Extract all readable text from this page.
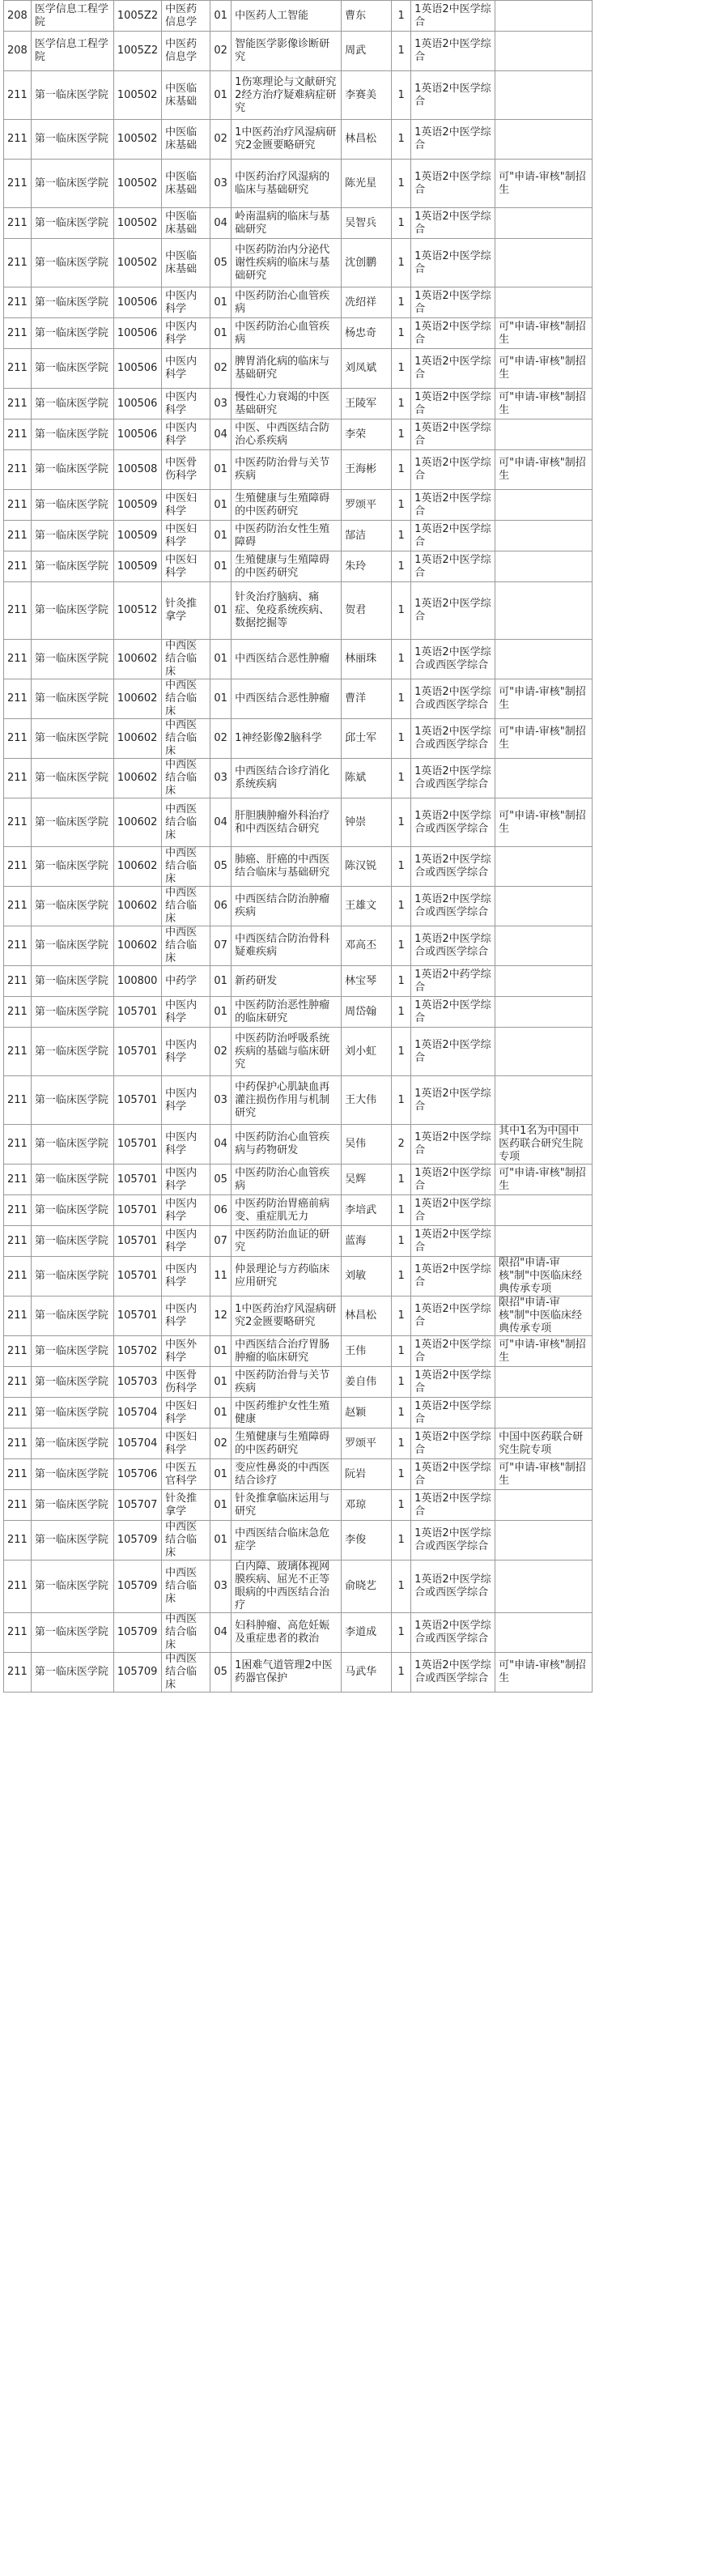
208	医学信息工程学院	1005Z2	中医药信息学	01	中医药人工智能	曹东	1	1英语2中医学综合	
208	医学信息工程学院	1005Z2	中医药信息学	02	智能医学影像诊断研究	周武	1	1英语2中医学综合	
211	第一临床医学院	100502	中医临床基础	01	1伤寒理论与文献研究2经方治疗疑难病症研究	李赛美	1	1英语2中医学综合	
211	第一临床医学院	100502	中医临床基础	02	1中医药治疗风湿病研究2金匮要略研究	林昌松	1	1英语2中医学综合	
211	第一临床医学院	100502	中医临床基础	03	中医药治疗风湿病的临床与基础研究	陈光星	1	1英语2中医学综合	可"申请-审核"制招生
211	第一临床医学院	100502	中医临床基础	04	岭南温病的临床与基础研究	吴智兵	1	1英语2中医学综合	
211	第一临床医学院	100502	中医临床基础	05	中医药防治内分泌代谢性疾病的临床与基础研究	沈创鹏	1	1英语2中医学综合	
211	第一临床医学院	100506	中医内科学	01	中医药防治心血管疾病	冼绍祥	1	1英语2中医学综合	
211	第一临床医学院	100506	中医内科学	01	中医药防治心血管疾病	杨忠奇	1	1英语2中医学综合	可"申请-审核"制招生
211	第一临床医学院	100506	中医内科学	02	脾胃消化病的临床与基础研究	刘凤斌	1	1英语2中医学综合	可"申请-审核"制招生
211	第一临床医学院	100506	中医内科学	03	慢性心力衰竭的中医基础研究	王陵军	1	1英语2中医学综合	可"申请-审核"制招生
211	第一临床医学院	100506	中医内科学	04	中医、中西医结合防治心系疾病	李荣	1	1英语2中医学综合	
211	第一临床医学院	100508	中医骨伤科学	01	中医药防治骨与关节疾病	王海彬	1	1英语2中医学综合	可"申请-审核"制招生
211	第一临床医学院	100509	中医妇科学	01	生殖健康与生殖障碍的中医药研究	罗颂平	1	1英语2中医学综合	
211	第一临床医学院	100509	中医妇科学	01	中医药防治女性生殖障碍	郜洁	1	1英语2中医学综合	
211	第一临床医学院	100509	中医妇科学	01	生殖健康与生殖障碍的中医药研究	朱玲	1	1英语2中医学综合	
211	第一临床医学院	100512	针灸推拿学	01	针灸治疗脑病、痛症、免疫系统疾病、数据挖掘等	贺君	1	1英语2中医学综合	
211	第一临床医学院	100602	中西医结合临床	01	中西医结合恶性肿瘤	林丽珠	1	1英语2中医学综合或西医学综合	
211	第一临床医学院	100602	中西医结合临床	01	中西医结合恶性肿瘤	曹洋	1	1英语2中医学综合或西医学综合	可"申请-审核"制招生
211	第一临床医学院	100602	中西医结合临床	02	1神经影像2脑科学	邱士军	1	1英语2中医学综合或西医学综合	可"申请-审核"制招生
211	第一临床医学院	100602	中西医结合临床	03	中西医结合诊疗消化系统疾病	陈斌	1	1英语2中医学综合或西医学综合	
211	第一临床医学院	100602	中西医结合临床	04	肝胆胰肿瘤外科治疗和中西医结合研究	钟崇	1	1英语2中医学综合或西医学综合	可"申请-审核"制招生
211	第一临床医学院	100602	中西医结合临床	05	肺癌、肝癌的中西医结合临床与基础研究	陈汉锐	1	1英语2中医学综合或西医学综合	
211	第一临床医学院	100602	中西医结合临床	06	中西医结合防治肿瘤疾病	王雄文	1	1英语2中医学综合或西医学综合	
211	第一临床医学院	100602	中西医结合临床	07	中西医结合防治骨科疑难疾病	邓高丕	1	1英语2中医学综合或西医学综合	
211	第一临床医学院	100800	中药学	01	新药研发	林宝琴	1	1英语2中药学综合	
211	第一临床医学院	105701	中医内科学	01	中医药防治恶性肿瘤的临床研究	周岱翰	1	1英语2中医学综合	
211	第一临床医学院	105701	中医内科学	02	中医药防治呼吸系统疾病的基础与临床研究	刘小虹	1	1英语2中医学综合	
211	第一临床医学院	105701	中医内科学	03	中药保护心肌缺血再灌注损伤作用与机制研究	王大伟	1	1英语2中医学综合	
211	第一临床医学院	105701	中医内科学	04	中医药防治心血管疾病与药物研发	吴伟	2	1英语2中医学综合	其中1名为中国中医药联合研究生院专项
211	第一临床医学院	105701	中医内科学	05	中医药防治心血管疾病	吴辉	1	1英语2中医学综合	可"申请-审核"制招生
211	第一临床医学院	105701	中医内科学	06	中医药防治胃癌前病变、重症肌无力	李培武	1	1英语2中医学综合	
211	第一临床医学院	105701	中医内科学	07	中医药防治血证的研究	蓝海	1	1英语2中医学综合	
211	第一临床医学院	105701	中医内科学	11	仲景理论与方药临床应用研究	刘敏	1	1英语2中医学综合	限招"申请-审核"制"中医临床经典传承专项
211	第一临床医学院	105701	中医内科学	12	1中医药治疗风湿病研究2金匮要略研究	林昌松	1	1英语2中医学综合	限招"申请-审核"制"中医临床经典传承专项
211	第一临床医学院	105702	中医外科学	01	中西医结合治疗胃肠肿瘤的临床研究	王伟	1	1英语2中医学综合	可"申请-审核"制招生
211	第一临床医学院	105703	中医骨伤科学	01	中医药防治骨与关节疾病	姜自伟	1	1英语2中医学综合	
211	第一临床医学院	105704	中医妇科学	01	中医药维护女性生殖健康	赵颖	1	1英语2中医学综合	
211	第一临床医学院	105704	中医妇科学	02	生殖健康与生殖障碍的中医药研究	罗颂平	1	1英语2中医学综合	中国中医药联合研究生院专项
211	第一临床医学院	105706	中医五官科学	01	变应性鼻炎的中西医结合诊疗	阮岩	1	1英语2中医学综合	可"申请-审核"制招生
211	第一临床医学院	105707	针灸推拿学	01	针灸推拿临床运用与研究	邓琼	1	1英语2中医学综合	
211	第一临床医学院	105709	中西医结合临床	01	中西医结合临床急危症学	李俊	1	1英语2中医学综合或西医学综合	
211	第一临床医学院	105709	中西医结合临床	03	白内障、玻璃体视网膜疾病、屈光不正等眼病的中西医结合治疗	俞晓艺	1	1英语2中医学综合或西医学综合	
211	第一临床医学院	105709	中西医结合临床	04	妇科肿瘤、高危妊娠及重症患者的救治	李道成	1	1英语2中医学综合或西医学综合	
211	第一临床医学院	105709	中西医结合临床	05	1困难气道管理2中医药器官保护	马武华	1	1英语2中医学综合或西医学综合	可"申请-审核"制招生
